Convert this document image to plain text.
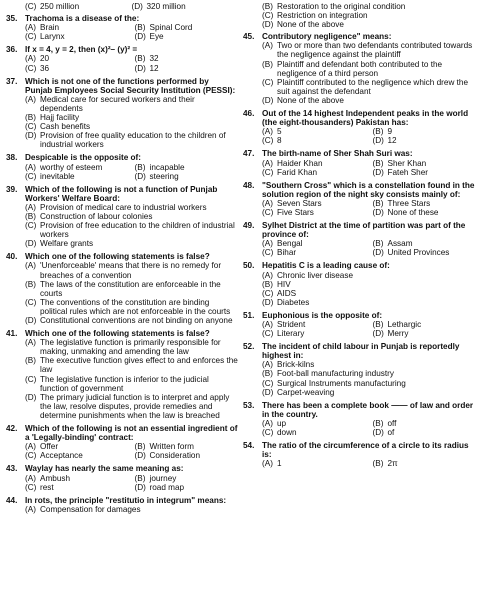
(C) 250 million	(D) 320 million
35. Trachoma is a disease of the:
(A) Brain	(B) Spinal Cord
(C) Larynx	(D) Eye
36. If x = 4, y = 2, then (x)²– (y)² =
(A) 20	(B) 32
(C) 36	(D) 12
37. Which is not one of the functions performed by Punjab Employees Social Security Institution (PESSI):
(A) Medical care for secured workers and their dependents
(B) Hajj facility
(C) Cash benefits
(D) Provision of free quality education to the children of industrial workers
38. Despicable is the opposite of:
(A) worthy of esteem	(B) incapable
(C) inevitable	(D) steering
39. Which of the following is not a function of Punjab Workers' Welfare Board:
(A) Provision of medical care to industrial workers
(B) Construction of labour colonies
(C) Provision of free education to the children of industrial workers
(D) Welfare grants
40. Which one of the following statements is false?
(A) 'Unenforceable' means that there is no remedy for breaches of a convention
(B) The laws of the constitution are enforceable in the courts
(C) The conventions of the constitution are binding political rules which are not enforceable in the courts
(D) Constitutional conventions are not binding on anyone
41. Which one of the following statements is false?
(A) The legislative function is primarily responsible for making, unmaking and amending the law
(B) The executive function gives effect to and enforces the law
(C) The legislative function is inferior to the judicial function of government
(D) The primary judicial function is to interpret and apply the law, resolve disputes, provide remedies and determine punishments when the law is breached
42. Which of the following is not an essential ingredient of a 'Legally-binding' contract:
(A) Offer	(B) Written form
(C) Acceptance	(D) Consideration
43. Waylay has nearly the same meaning as:
(A) Ambush	(B) journey
(C) rest	(D) road map
44. In rots, the principle "restitutio in integrum" means:
(A) Compensation for damages
(B) Restoration to the original condition
(C) Restriction on integration
(D) None of the above
45. Contributory negligence" means:
(A) Two or more than two defendants contributed towards the negligence against the plaintiff
(B) Plaintiff and defendant both contributed to the negligence of a third person
(C) Plaintiff contributed to the negligence which drew the suit against the defendant
(D) None of the above
46. Out of the 14 highest Independent peaks in the world (the eight-thousanders) Pakistan has:
(A) 5	(B) 9
(C) 8	(D) 12
47. The birth-name of Sher Shah Suri was:
(A) Haider Khan	(B) Sher Khan
(C) Farid Khan	(D) Fateh Sher
48. "Southern Cross" which is a constellation found in the solution region of the night sky consists mainly of:
(A) Seven Stars	(B) Three Stars
(C) Five Stars	(D) None of these
49. Sylhet District at the time of partition was part of the province of:
(A) Bengal	(B) Assam
(C) Bihar	(D) United Provinces
50. Hepatitis C is a leading cause of:
(A) Chronic liver disease
(B) HIV
(C) AIDS
(D) Diabetes
51. Euphonious is the opposite of:
(A) Strident	(B) Lethargic
(C) Literary	(D) Merry
52. The incident of child labour in Punjab is reportedly highest in:
(A) Brick-kilns
(B) Foot-ball manufacturing industry
(C) Surgical Instruments manufacturing
(D) Carpet-weaving
53. There has been a complete book —— of law and order in the country.
(A) up	(B) off
(C) down	(D) of
54. The ratio of the circumference of a circle to its radius is:
(A) 1	(B) 2π
